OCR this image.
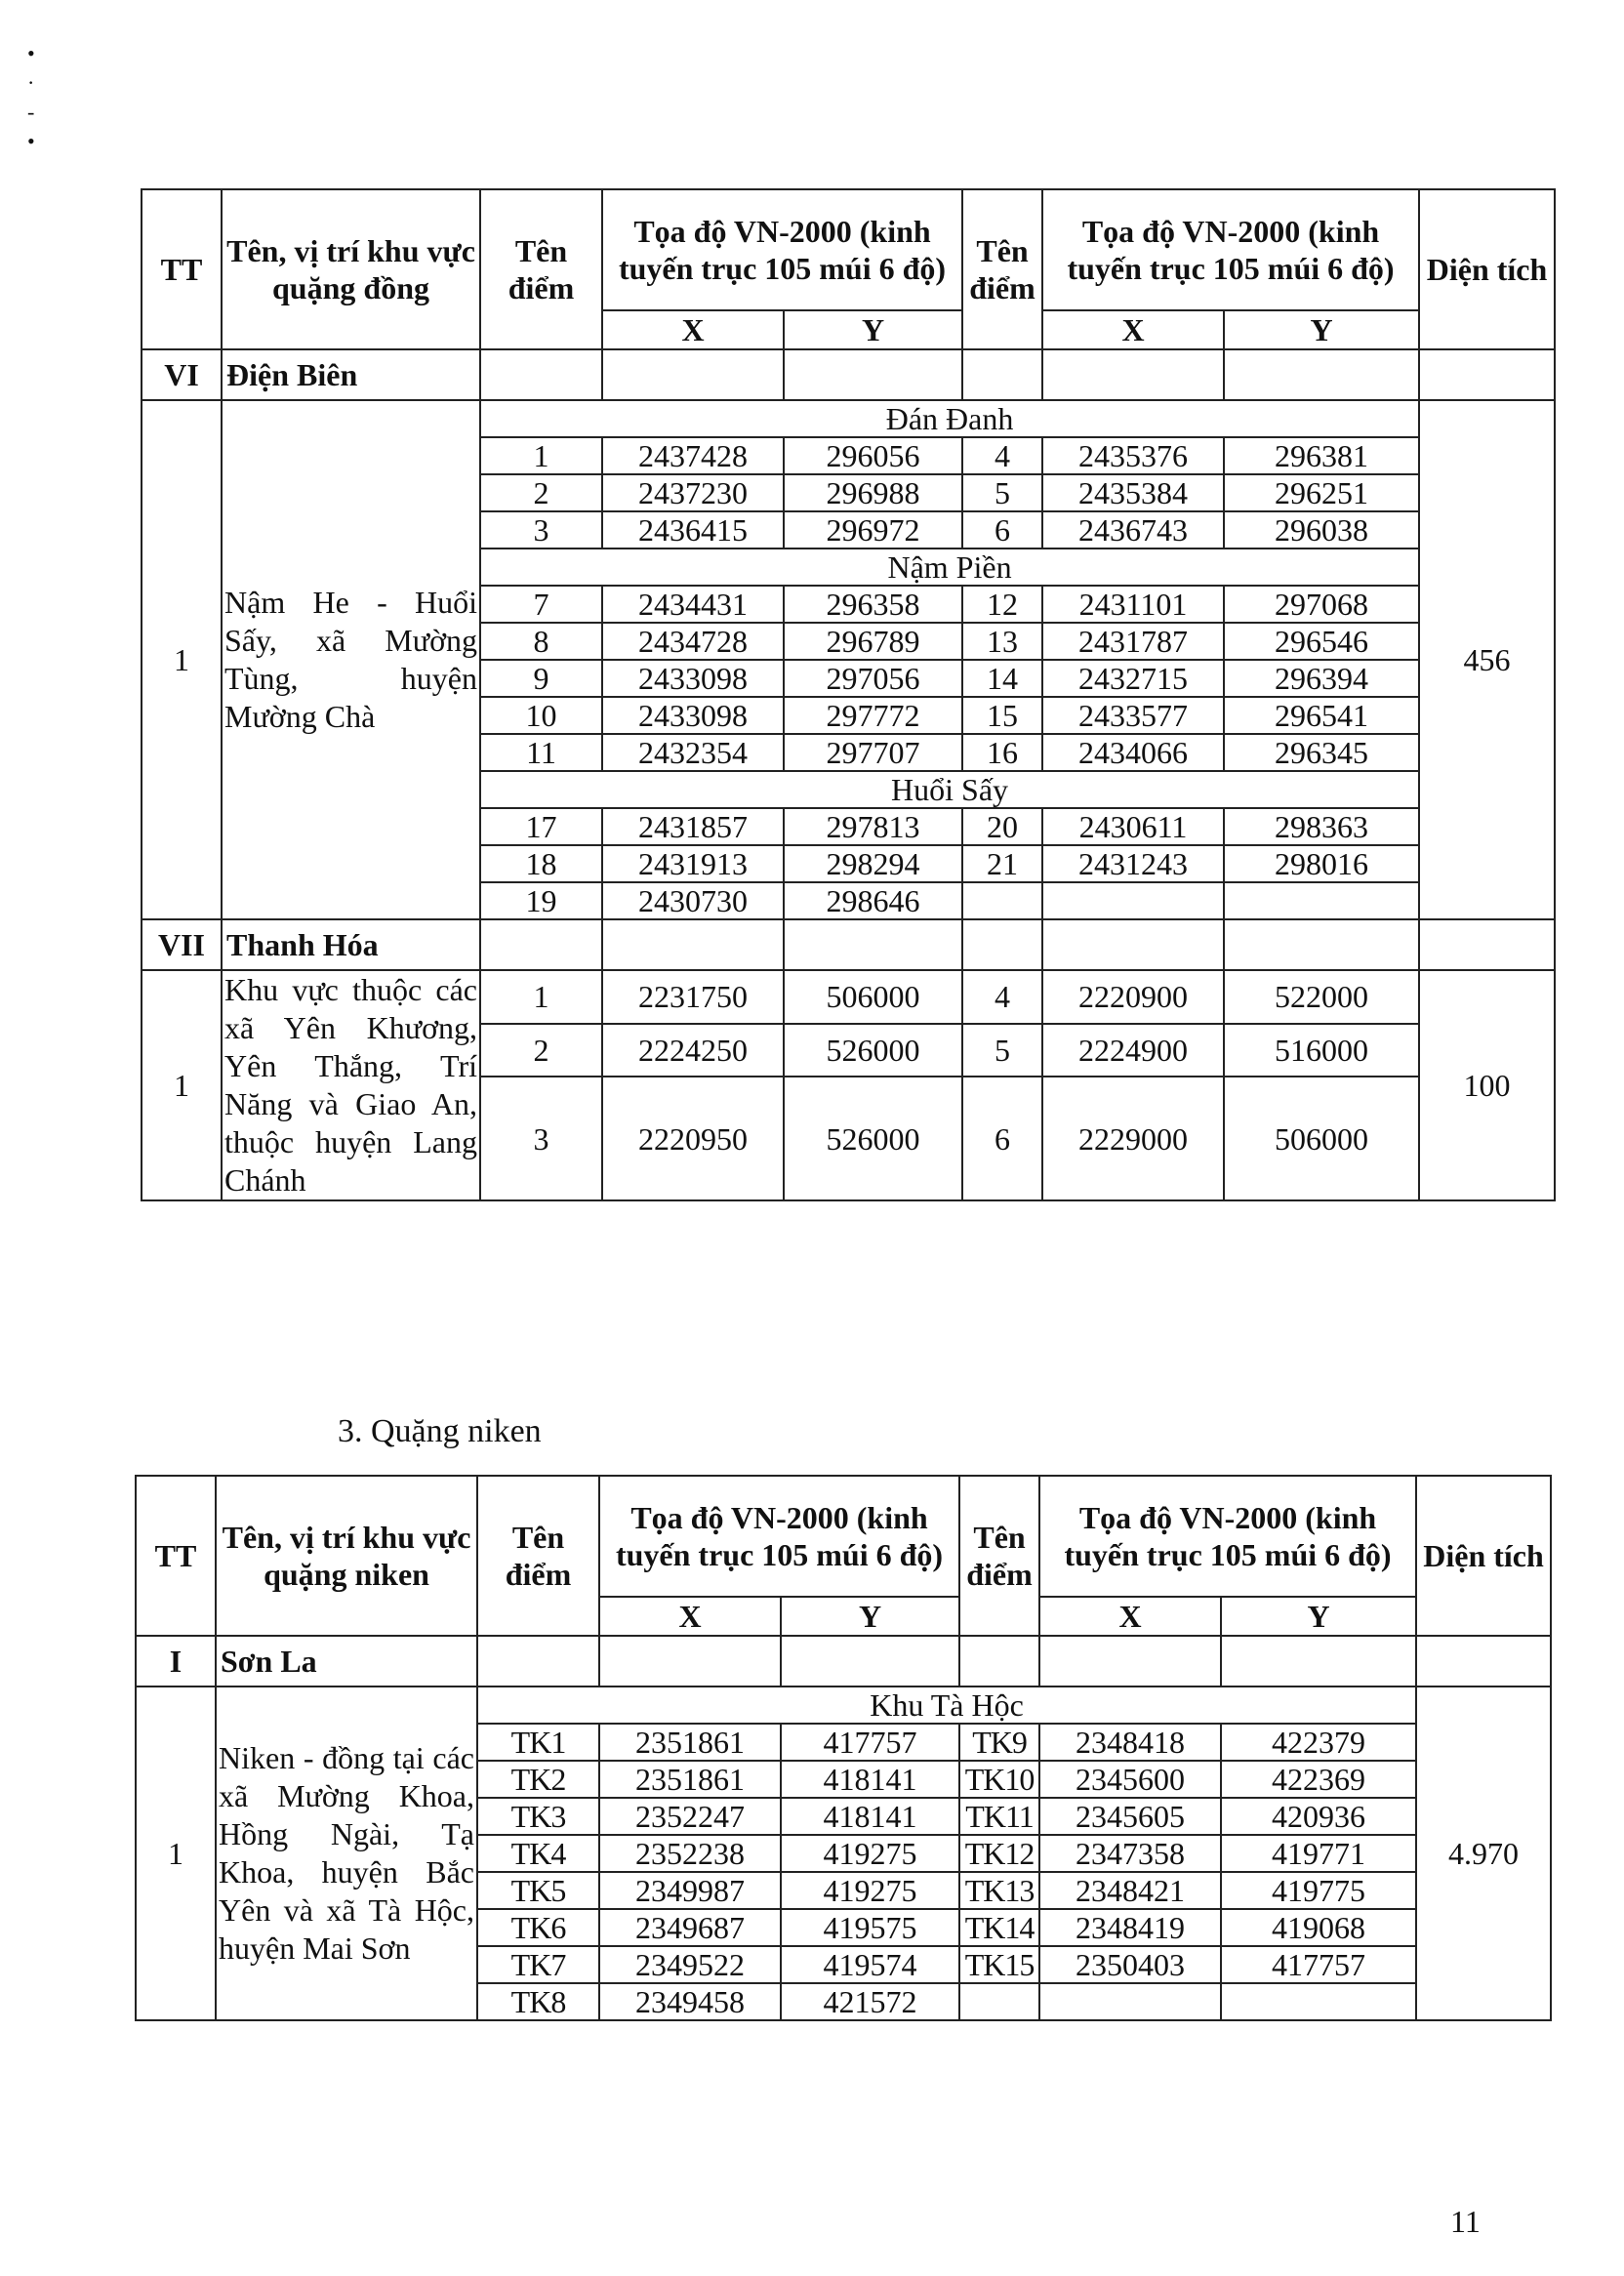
•
·
-
•
TT	Tên, vị trí khu vực quặng đồng	Tên điểm	Tọa độ VN-2000 (kinh tuyến trục 105 múi 6 độ)		Tên điểm	Tọa độ VN-2000 (kinh tuyến trục 105 múi 6 độ)		Diện tích
			X	Y		X	Y	
VI	Điện Biên							
1	Nậm He - Huổi Sấy, xã Mường Tùng, huyện Mường Chà	Đán Đanh						456
		1	2437428	296056	4	2435376	296381	
		2	2437230	296988	5	2435384	296251	
		3	2436415	296972	6	2436743	296038	
		Nậm Piền						
		7	2434431	296358	12	2431101	297068	
		8	2434728	296789	13	2431787	296546	
		9	2433098	297056	14	2432715	296394	
		10	2433098	297772	15	2433577	296541	
		11	2432354	297707	16	2434066	296345	
		Huổi Sấy						
		17	2431857	297813	20	2430611	298363	
		18	2431913	298294	21	2431243	298016	
		19	2430730	298646				
VII	Thanh Hóa							
1	Khu vực thuộc các xã Yên Khương, Yên Thắng, Trí Năng và Giao An, thuộc huyện Lang Chánh	1	2231750	506000	4	2220900	522000	100
		2	2224250	526000	5	2224900	516000	
		3	2220950	526000	6	2229000	506000	
3. Quặng niken
TT	Tên, vị trí khu vực quặng niken	Tên điểm	Tọa độ VN-2000 (kinh tuyến trục 105 múi 6 độ)		Tên điểm	Tọa độ VN-2000 (kinh tuyến trục 105 múi 6 độ)		Diện tích
			X	Y		X	Y	
I	Sơn La							
1	Niken - đồng tại các xã Mường Khoa, Hồng Ngài, Tạ Khoa, huyện Bắc Yên và xã Tà Hộc, huyện Mai Sơn	Khu Tà Hộc						4.970
		TK1	2351861	417757	TK9	2348418	422379	
		TK2	2351861	418141	TK10	2345600	422369	
		TK3	2352247	418141	TK11	2345605	420936	
		TK4	2352238	419275	TK12	2347358	419771	
		TK5	2349987	419275	TK13	2348421	419775	
		TK6	2349687	419575	TK14	2348419	419068	
		TK7	2349522	419574	TK15	2350403	417757	
		TK8	2349458	421572				
11
